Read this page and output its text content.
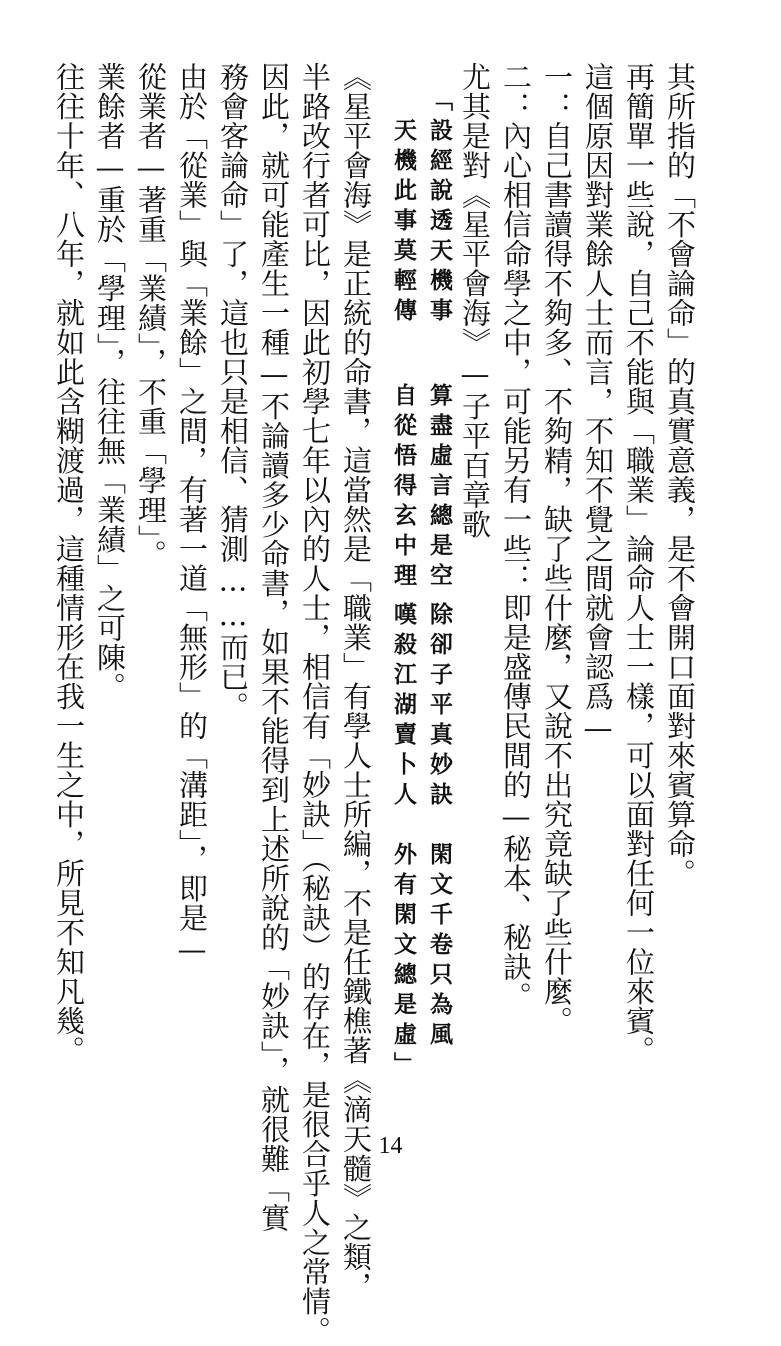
其所指的「不會論命」的真實意義，是不會開口面對來賓算命。
再簡單一些說，自己不能與「職業」論命人士一樣，可以面對任何一位來賓。
這個原因對業餘人士而言，不知不覺之間就會認爲—
一：自己書讀得不夠多、不夠精，缺了些什麼，又說不出究竟缺了些什麼。
二：內心相信命學之中，可能另有一些：即是盛傳民間的—秘本、秘訣。
尤其是對《星平會海》—子平百章歌
「設經說透天機事
算盡虛言總是空
除卻子平真妙訣
閑文千卷只為風
天機此事莫輕傳
自從悟得玄中理
嘆殺江湖賣卜人
外有閑文總是虛」
《星平會海》是正統的命書，這當然是「職業」有學人士所編，不是任鐵樵著《滴天髓》之類，
半路改行者可比，因此初學七年以內的人士，相信有「妙訣」（秘訣）的存在，是很合乎人之常情。
因此，就可能產生一種—不論讀多少命書，如果不能得到上述所說的「妙訣」，就很難「實
務會客論命」了，這也只是相信、猜測……而已。
由於「從業」與「業餘」之間，有著一道「無形」的「溝距」，即是—
從業者—著重「業績」，不重「學理」。
業餘者—重於「學理」，往往無「業績」之可陳。
往往十年、八年，就如此含糊渡過，這種情形在我一生之中，所見不知凡幾。
14
